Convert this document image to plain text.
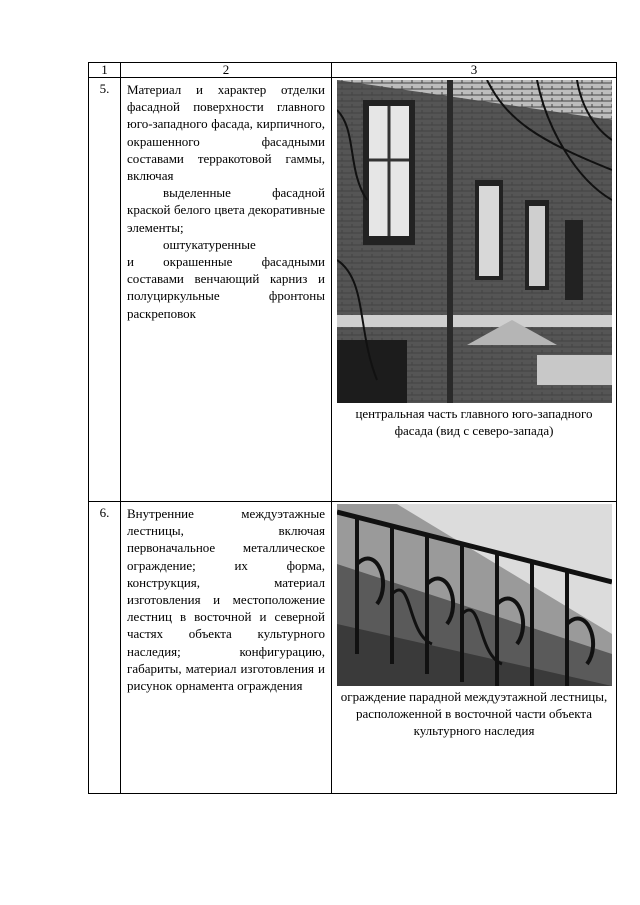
1	2	3
5.	Материал и характер отделки фасадной поверхности главного юго-западного фасада, кирпичного, окрашенного фасадными составами терракотовой гаммы, включая
выделенные фасадной краской белого цвета декоративные элементы;
оштукатуренные
и окрашенные фасадными составами венчающий карниз и полуциркульные фронтоны раскреповок	центральная часть главного юго-западного фасада (вид с северо-запада)

6.	Внутренние междуэтажные лестницы, включая первоначальное металлическое ограждение; их форма, конструкция, материал изготовления и местоположение лестниц в восточной и северной частях объекта культурного наследия; конфигурацию, габариты, материал изготовления и рисунок орнамента ограждения	ограждение парадной междуэтажной лестницы, расположенной в восточной части объекта культурного наследия
